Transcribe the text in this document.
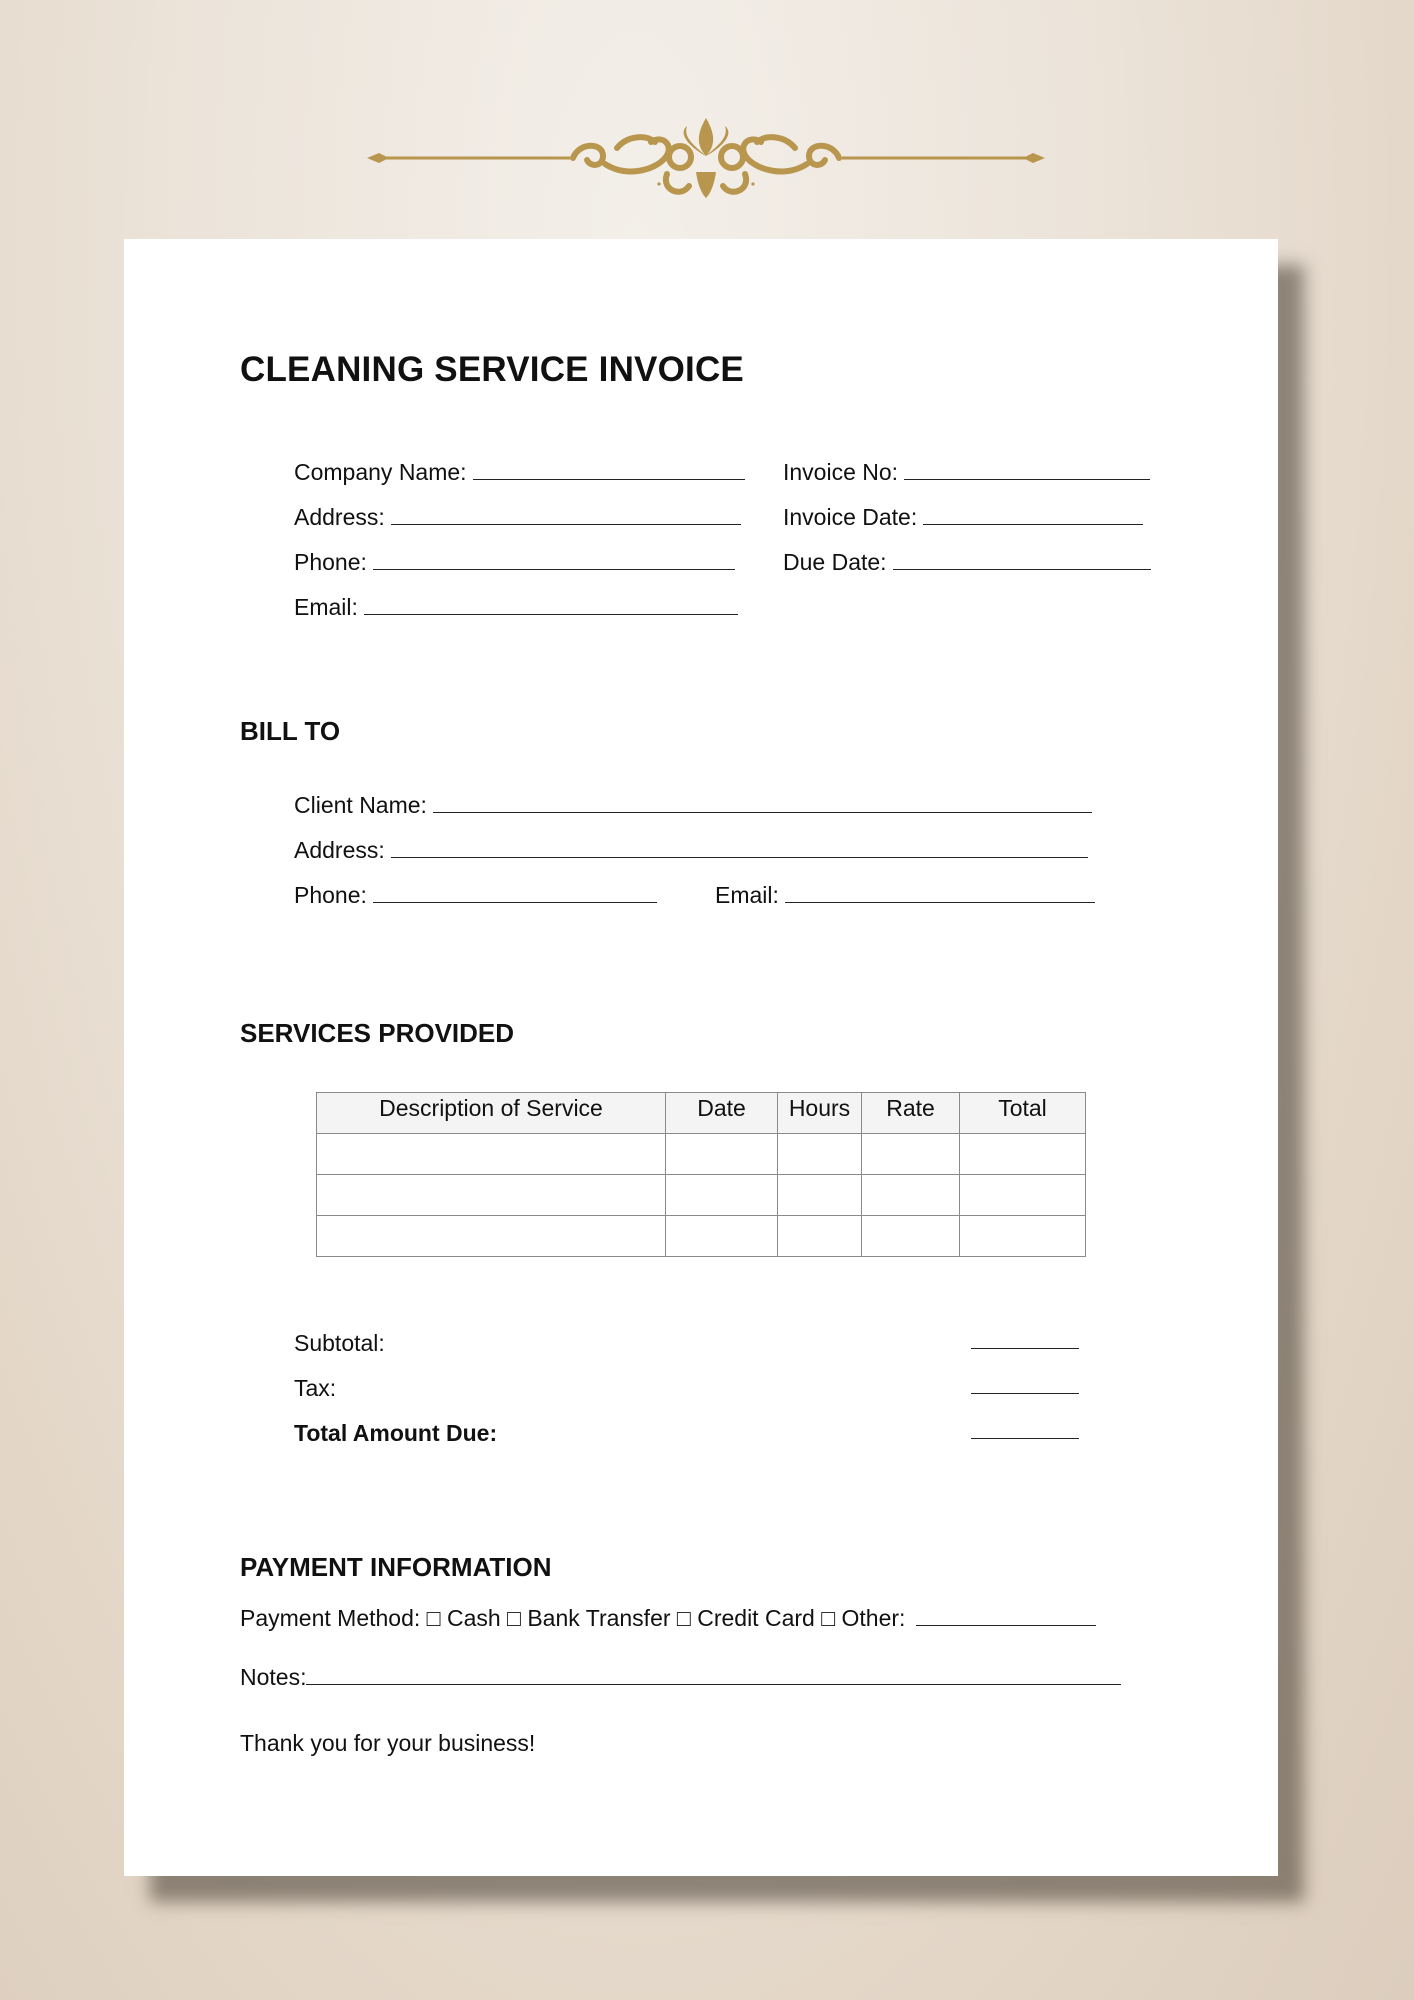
CLEANING SERVICE INVOICE
Company Name:
Address:
Phone:
Email:
Invoice No:
Invoice Date:
Due Date:
BILL TO
Client Name:
Address:
Phone:	Email:
SERVICES PROVIDED
Description of Service	Date	Hours	Rate	Total

Subtotal:
Tax:
Total Amount Due:
PAYMENT INFORMATION
Payment Method: □ Cash □ Bank Transfer □ Credit Card □ Other:
Notes:
Thank you for your business!
